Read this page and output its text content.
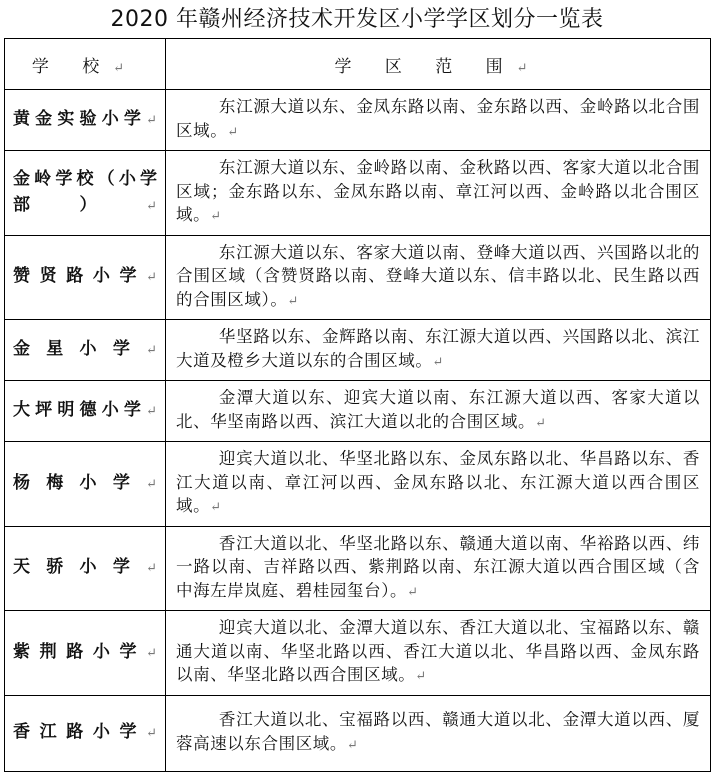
2020 年赣州经济技术开发区小学学区划分一览表
学 校↵	学 区 范 围↵
黄金实验小学↵	东江源大道以东、金凤东路以南、金东路以西、金岭路以北合围区域。↵
金岭学校（小学部）↵	东江源大道以东、金岭路以南、金秋路以西、客家大道以北合围区域；金东路以东、金凤东路以南、章江河以西、金岭路以北合围区域。↵
赞贤路小学↵	东江源大道以东、客家大道以南、登峰大道以西、兴国路以北的合围区域（含赞贤路以南、登峰大道以东、信丰路以北、民生路以西的合围区域）。↵
金星小学↵	华坚路以东、金辉路以南、东江源大道以西、兴国路以北、滨江大道及橙乡大道以东的合围区域。↵
大坪明德小学↵	金潭大道以东、迎宾大道以南、东江源大道以西、客家大道以北、华坚南路以西、滨江大道以北的合围区域。↵
杨梅小学↵	迎宾大道以北、华坚北路以东、金凤东路以北、华昌路以东、香江大道以南、章江河以西、金凤东路以北、东江源大道以西合围区域。↵
天骄小学↵	香江大道以北、华坚北路以东、赣通大道以南、华裕路以西、纬一路以南、吉祥路以西、紫荆路以南、东江源大道以西合围区域（含中海左岸岚庭、碧桂园玺台）。↵
紫荆路小学↵	迎宾大道以北、金潭大道以东、香江大道以北、宝福路以东、赣通大道以南、华坚北路以西、香江大道以北、华昌路以西、金凤东路以南、华坚北路以西合围区域。↵
香江路小学↵	香江大道以北、宝福路以西、赣通大道以北、金潭大道以西、厦蓉高速以东合围区域。↵
